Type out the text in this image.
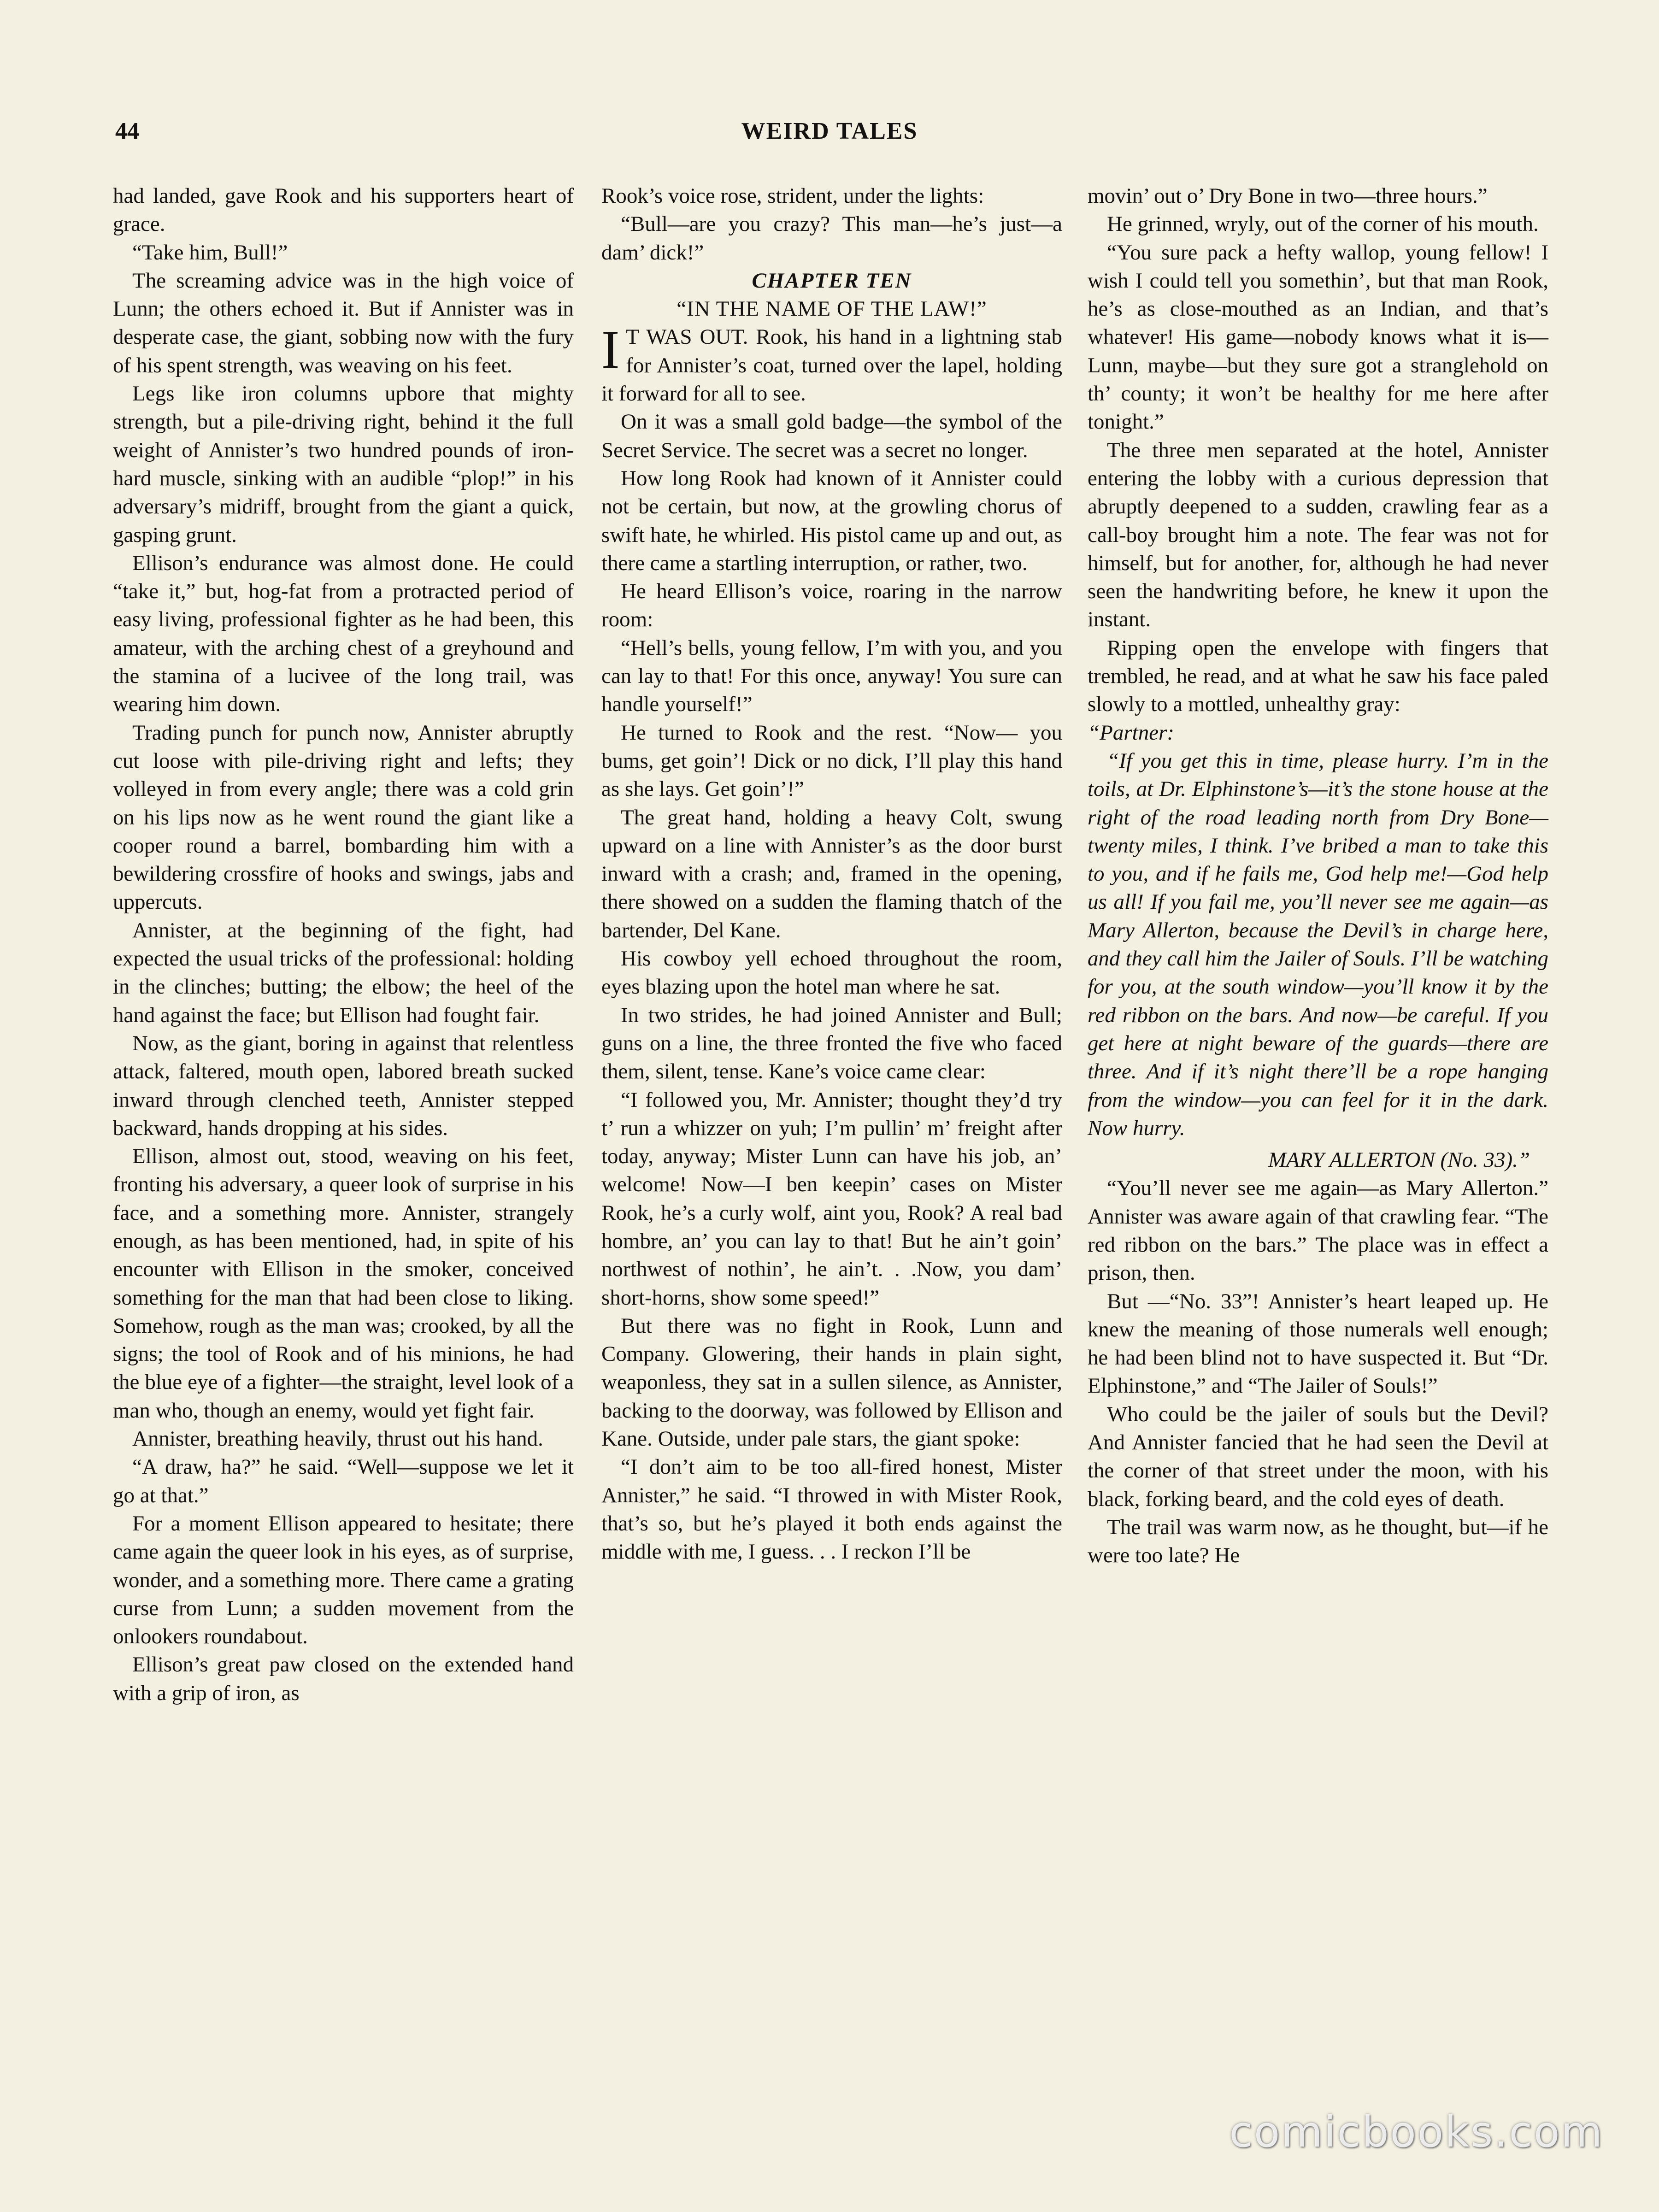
44	WEIRD TALES

had landed, gave Rook and his supporters heart of grace.

“Take him, Bull!”

The screaming advice was in the high voice of Lunn; the others echoed it. But if Annister was in desperate case, the giant, sobbing now with the fury of his spent strength, was weaving on his feet.

Legs like iron columns upbore that mighty strength, but a pile-driving right, behind it the full weight of Annister’s two hundred pounds of iron-hard muscle, sinking with an audible “plop!” in his adversary’s midriff, brought from the giant a quick, gasping grunt.

Ellison’s endurance was almost done. He could “take it,” but, hog-fat from a protracted period of easy living, professional fighter as he had been, this amateur, with the arching chest of a greyhound and the stamina of a lucivee of the long trail, was wearing him down.

Trading punch for punch now, Annister abruptly cut loose with pile-driving right and lefts; they volleyed in from every angle; there was a cold grin on his lips now as he went round the giant like a cooper round a barrel, bombarding him with a bewildering crossfire of hooks and swings, jabs and uppercuts.

Annister, at the beginning of the fight, had expected the usual tricks of the professional: holding in the clinches; butting; the elbow; the heel of the hand against the face; but Ellison had fought fair.

Now, as the giant, boring in against that relentless attack, faltered, mouth open, labored breath sucked inward through clenched teeth, Annister stepped backward, hands dropping at his sides.

Ellison, almost out, stood, weaving on his feet, fronting his adversary, a queer look of surprise in his face, and a something more. Annister, strangely enough, as has been mentioned, had, in spite of his encounter with Ellison in the smoker, conceived something for the man that had been close to liking. Somehow, rough as the man was; crooked, by all the signs; the tool of Rook and of his minions, he had the blue eye of a fighter—the straight, level look of a man who, though an enemy, would yet fight fair.

Annister, breathing heavily, thrust out his hand.

“A draw, ha?” he said. “Well—suppose we let it go at that.”

For a moment Ellison appeared to hesitate; there came again the queer look in his eyes, as of surprise, wonder, and a something more. There came a grating curse from Lunn; a sudden movement from the onlookers roundabout.

Ellison’s great paw closed on the extended hand with a grip of iron, as

Rook’s voice rose, strident, under the lights:

“Bull—are you crazy? This man—he’s just—a dam’ dick!”

CHAPTER TEN

“IN THE NAME OF THE LAW!”

I T WAS OUT. Rook, his hand in a lightning stab for Annister’s coat, turned over the lapel, holding it forward for all to see.

On it was a small gold badge—the symbol of the Secret Service. The secret was a secret no longer.

How long Rook had known of it Annister could not be certain, but now, at the growling chorus of swift hate, he whirled. His pistol came up and out, as there came a startling interruption, or rather, two.

He heard Ellison’s voice, roaring in the narrow room:

“Hell’s bells, young fellow, I’m with you, and you can lay to that! For this once, anyway! You sure can handle yourself!”

He turned to Rook and the rest. “Now— you bums, get goin’! Dick or no dick, I’ll play this hand as she lays. Get goin’!”

The great hand, holding a heavy Colt, swung upward on a line with Annister’s as the door burst inward with a crash; and, framed in the opening, there showed on a sudden the flaming thatch of the bartender, Del Kane.

His cowboy yell echoed throughout the room, eyes blazing upon the hotel man where he sat.

In two strides, he had joined Annister and Bull; guns on a line, the three fronted the five who faced them, silent, tense. Kane’s voice came clear:

“I followed you, Mr. Annister; thought they’d try t’ run a whizzer on yuh; I’m pullin’ m’ freight after today, anyway; Mister Lunn can have his job, an’ welcome! Now—I ben keepin’ cases on Mister Rook, he’s a curly wolf, aint you, Rook? A real bad hombre, an’ you can lay to that! But he ain’t goin’ northwest of nothin’, he ain’t. . .Now, you dam’ short-horns, show some speed!”

But there was no fight in Rook, Lunn and Company. Glowering, their hands in plain sight, weaponless, they sat in a sullen silence, as Annister, backing to the doorway, was followed by Ellison and Kane. Outside, under pale stars, the giant spoke:

“I don’t aim to be too all-fired honest, Mister Annister,” he said. “I throwed in with Mister Rook, that’s so, but he’s played it both ends against the middle with me, I guess. . . I reckon I’ll be

movin’ out o’ Dry Bone in two—three hours.”

He grinned, wryly, out of the corner of his mouth.

“You sure pack a hefty wallop, young fellow! I wish I could tell you somethin’, but that man Rook, he’s as close-mouthed as an Indian, and that’s whatever! His game—nobody knows what it is—Lunn, maybe—but they sure got a stranglehold on th’ county; it won’t be healthy for me here after tonight.”

The three men separated at the hotel, Annister entering the lobby with a curious depression that abruptly deepened to a sudden, crawling fear as a call-boy brought him a note. The fear was not for himself, but for another, for, although he had never seen the handwriting before, he knew it upon the instant.

Ripping open the envelope with fingers that trembled, he read, and at what he saw his face paled slowly to a mottled, unhealthy gray:

“Partner:

“If you get this in time, please hurry. I’m in the toils, at Dr. Elphinstone’s—it’s the stone house at the right of the road leading north from Dry Bone—twenty miles, I think. I’ve bribed a man to take this to you, and if he fails me, God help me!—God help us all! If you fail me, you’ll never see me again—as Mary Allerton, because the Devil’s in charge here, and they call him the Jailer of Souls. I’ll be watching for you, at the south window—you’ll know it by the red ribbon on the bars. And now—be careful. If you get here at night beware of the guards—there are three. And if it’s night there’ll be a rope hanging from the window—you can feel for it in the dark. Now hurry.

MARY ALLERTON (No. 33).”

“You’ll never see me again—as Mary Allerton.” Annister was aware again of that crawling fear. “The red ribbon on the bars.” The place was in effect a prison, then.

But —“No. 33”! Annister’s heart leaped up. He knew the meaning of those numerals well enough; he had been blind not to have suspected it. But “Dr. Elphinstone,” and “The Jailer of Souls!”

Who could be the jailer of souls but the Devil? And Annister fancied that he had seen the Devil at the corner of that street under the moon, with his black, forking beard, and the cold eyes of death.

The trail was warm now, as he thought, but—if he were too late? He

comicbooks.com
